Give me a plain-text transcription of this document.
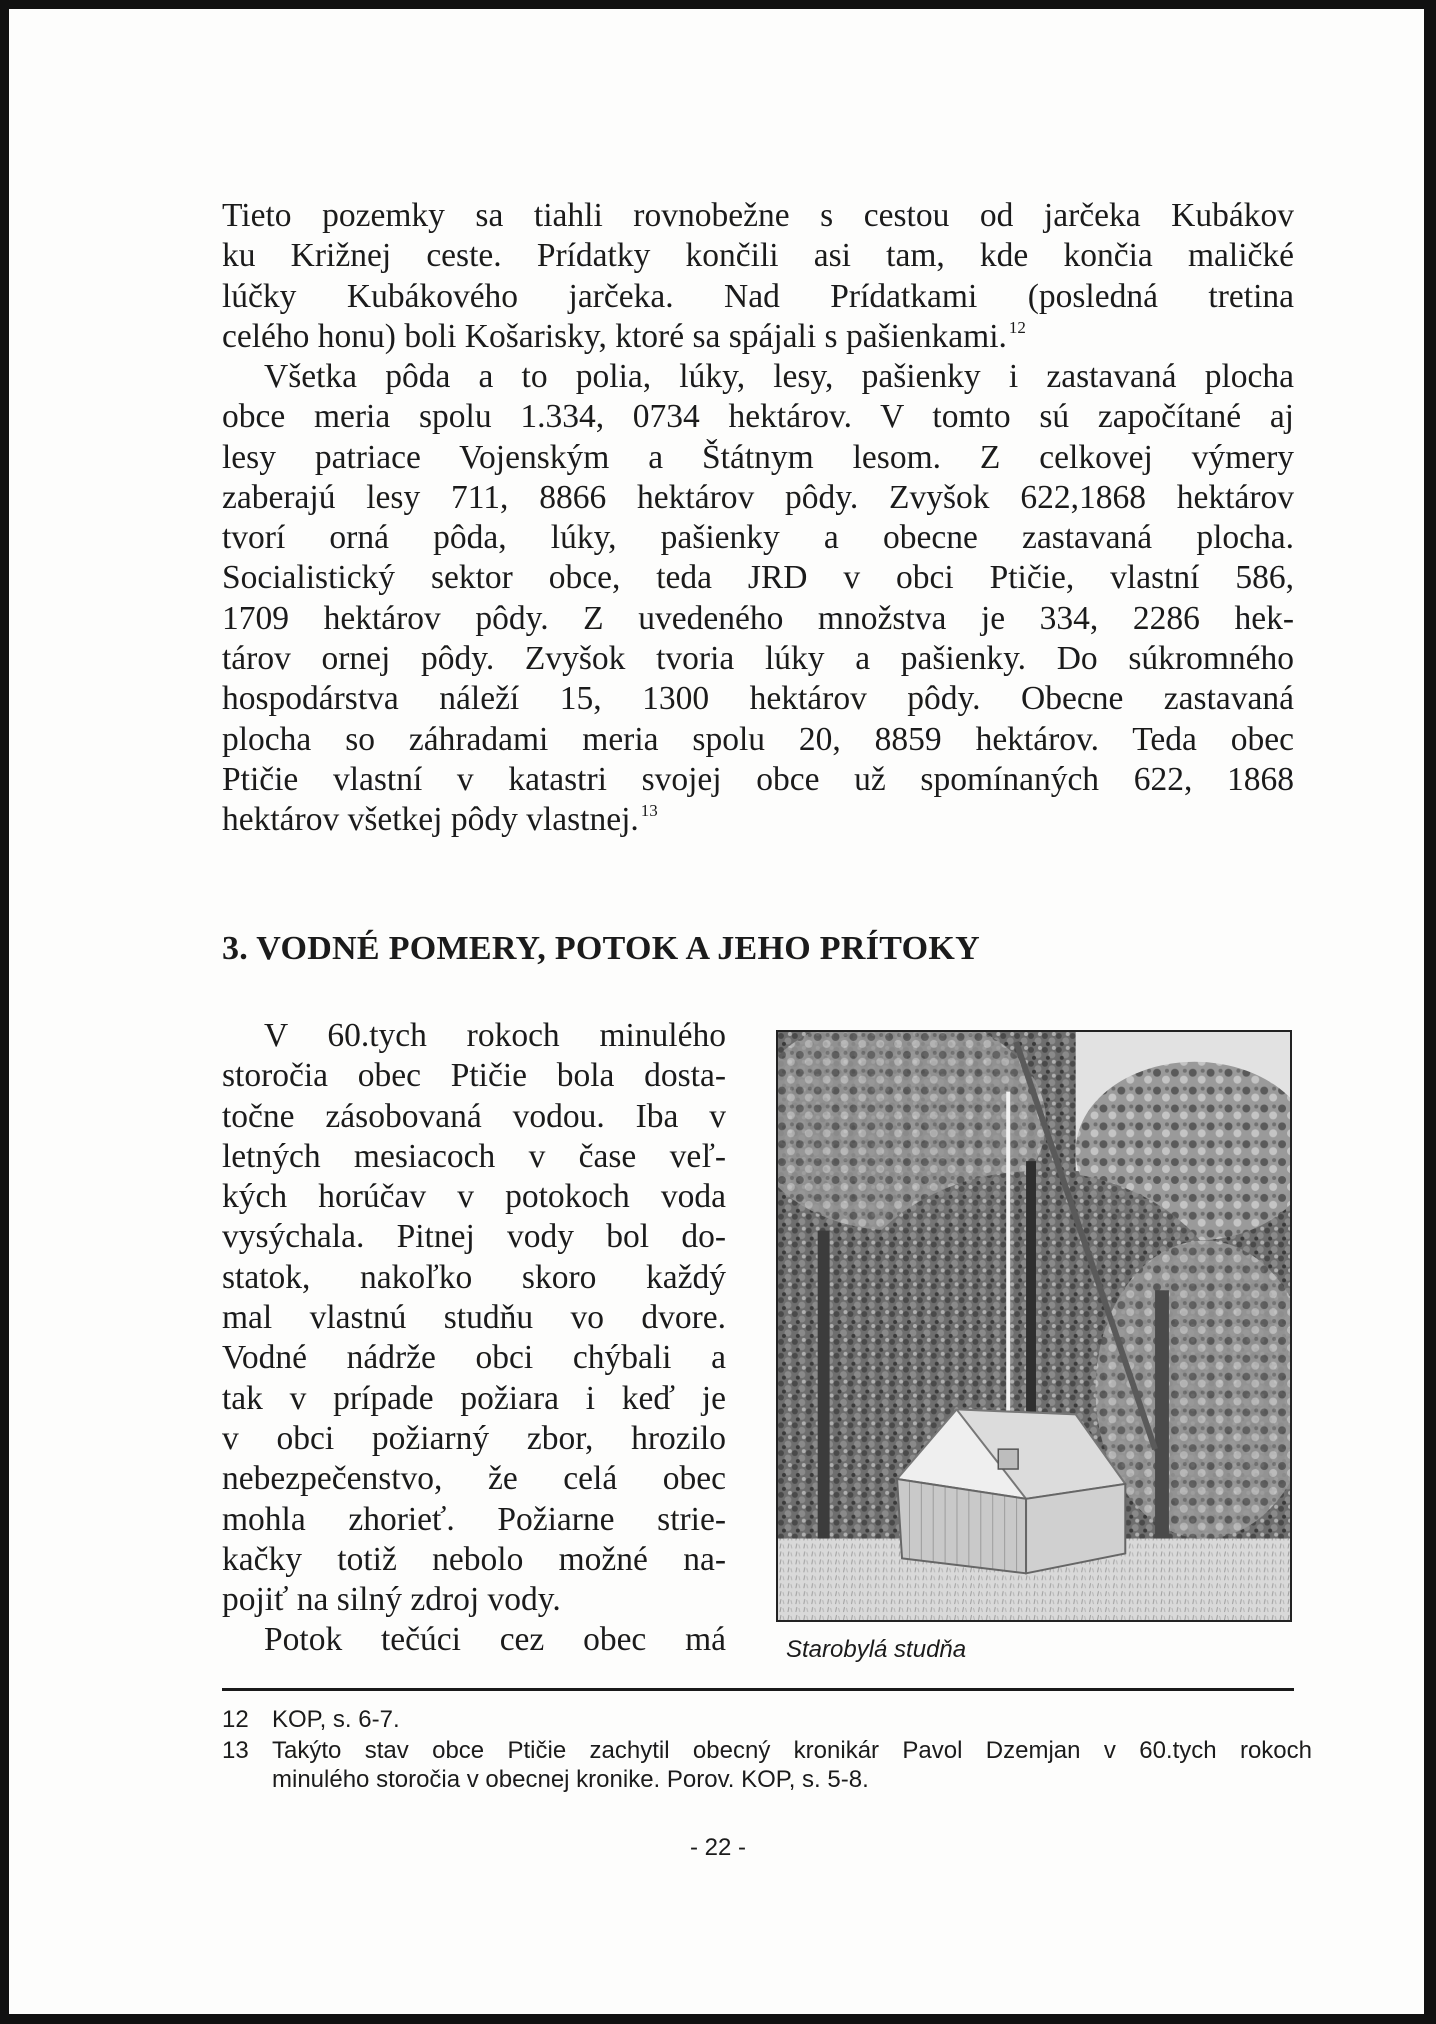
Tieto pozemky sa tiahli rovnobežne s cestou od jarčeka Kubákov
ku Križnej ceste. Prídatky končili asi tam, kde končia maličké
lúčky Kubákového jarčeka. Nad Prídatkami (posledná tretina
celého honu) boli Košarisky, ktoré sa spájali s pašienkami. $^{12}$
Všetka pôda a to polia, lúky, lesy, pašienky i zastavaná plocha
obce meria spolu 1.334, 0734 hektárov. V tomto sú započítané aj
lesy patriace Vojenským a Štátnym lesom. Z celkovej výmery
zaberajú lesy 711, 8866 hektárov pôdy. Zvyšok 622,1868 hektárov
tvorí orná pôda, lúky, pašienky a obecne zastavaná plocha.
Socialistický sektor obce, teda JRD v obci Ptičie, vlastní 586,
1709 hektárov pôdy. Z uvedeného množstva je 334, 2286 hek-
tárov ornej pôdy. Zvyšok tvoria lúky a pašienky. Do súkromného
hospodárstva náleží 15, 1300 hektárov pôdy. Obecne zastavaná
plocha so záhradami meria spolu 20, 8859 hektárov. Teda obec
Ptičie vlastní v katastri svojej obce už spomínaných 622, 1868
hektárov všetkej pôdy vlastnej. $^{13}$
3. VODNÉ POMERY, POTOK A JEHO PRÍTOKY
V 60.tych rokoch minulého
storočia obec Ptičie bola dosta-
točne zásobovaná vodou. Iba v
letných mesiacoch v čase veľ-
kých horúčav v potokoch voda
vysýchala. Pitnej vody bol do-
statok, nakoľko skoro každý
mal vlastnú studňu vo dvore.
Vodné nádrže obci chýbali a
tak v prípade požiara i keď je
v obci požiarný zbor, hrozilo
nebezpečenstvo, že celá obec
mohla zhorieť. Požiarne strie-
kačky totiž nebolo možné na-
pojiť na silný zdroj vody.
Potok tečúci cez obec má	Starobylá studňa
12 KOP, s. 6-7.
13 Takýto stav obce Ptičie zachytil obecný kronikár Pavol Dzemjan v 60.tych rokoch
minulého storočia v obecnej kronike. Porov. KOP, s. 5-8.
- 22 -
